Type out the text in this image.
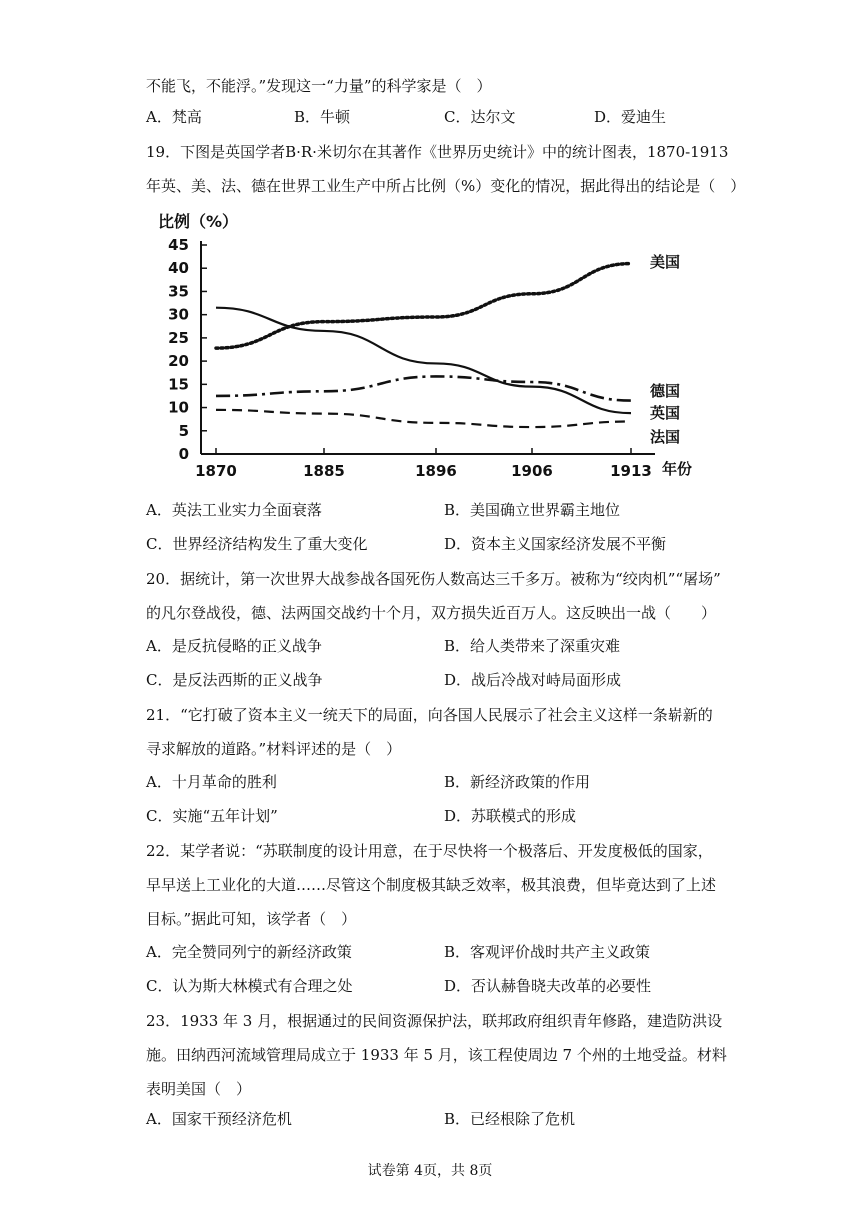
不能飞，不能浮。”发现这一“力量”的科学家是（　）
A．梵高	B．牛顿	C．达尔文	D．爱迪生
19．下图是英国学者B·R·米切尔在其著作《世界历史统计》中的统计图表，1870-1913
年英、美、法、德在世界工业生产中所占比例（%）变化的情况，据此得出的结论是（　）
0
5
10
15
20
25
30
35
40
45
1870	1885	1896	1906	1913
比例（%）
年份
美国
英国
德国
法国
A．英法工业实力全面衰落	B．美国确立世界霸主地位
C．世界经济结构发生了重大变化	D．资本主义国家经济发展不平衡
20．据统计，第一次世界大战参战各国死伤人数高达三千多万。被称为“绞肉机”“屠场”
的凡尔登战役，德、法两国交战约十个月，双方损失近百万人。这反映出一战（　　）
A．是反抗侵略的正义战争	B．给人类带来了深重灾难
C．是反法西斯的正义战争	D．战后冷战对峙局面形成
21．“它打破了资本主义一统天下的局面，向各国人民展示了社会主义这样一条崭新的
寻求解放的道路。”材料评述的是（　）
A．十月革命的胜利	B．新经济政策的作用
C．实施“五年计划”	D．苏联模式的形成
22．某学者说：“苏联制度的设计用意，在于尽快将一个极落后、开发度极低的国家，
早早送上工业化的大道……尽管这个制度极其缺乏效率，极其浪费，但毕竟达到了上述
目标。”据此可知，该学者（　）
A．完全赞同列宁的新经济政策	B．客观评价战时共产主义政策
C．认为斯大林模式有合理之处	D．否认赫鲁晓夫改革的必要性
23．1933 年 3 月，根据通过的民间资源保护法，联邦政府组织青年修路，建造防洪设
施。田纳西河流域管理局成立于 1933 年 5 月，该工程使周边 7 个州的土地受益。材料
表明美国（　）
A．国家干预经济危机	B．已经根除了危机
试卷第 4页，共 8页
